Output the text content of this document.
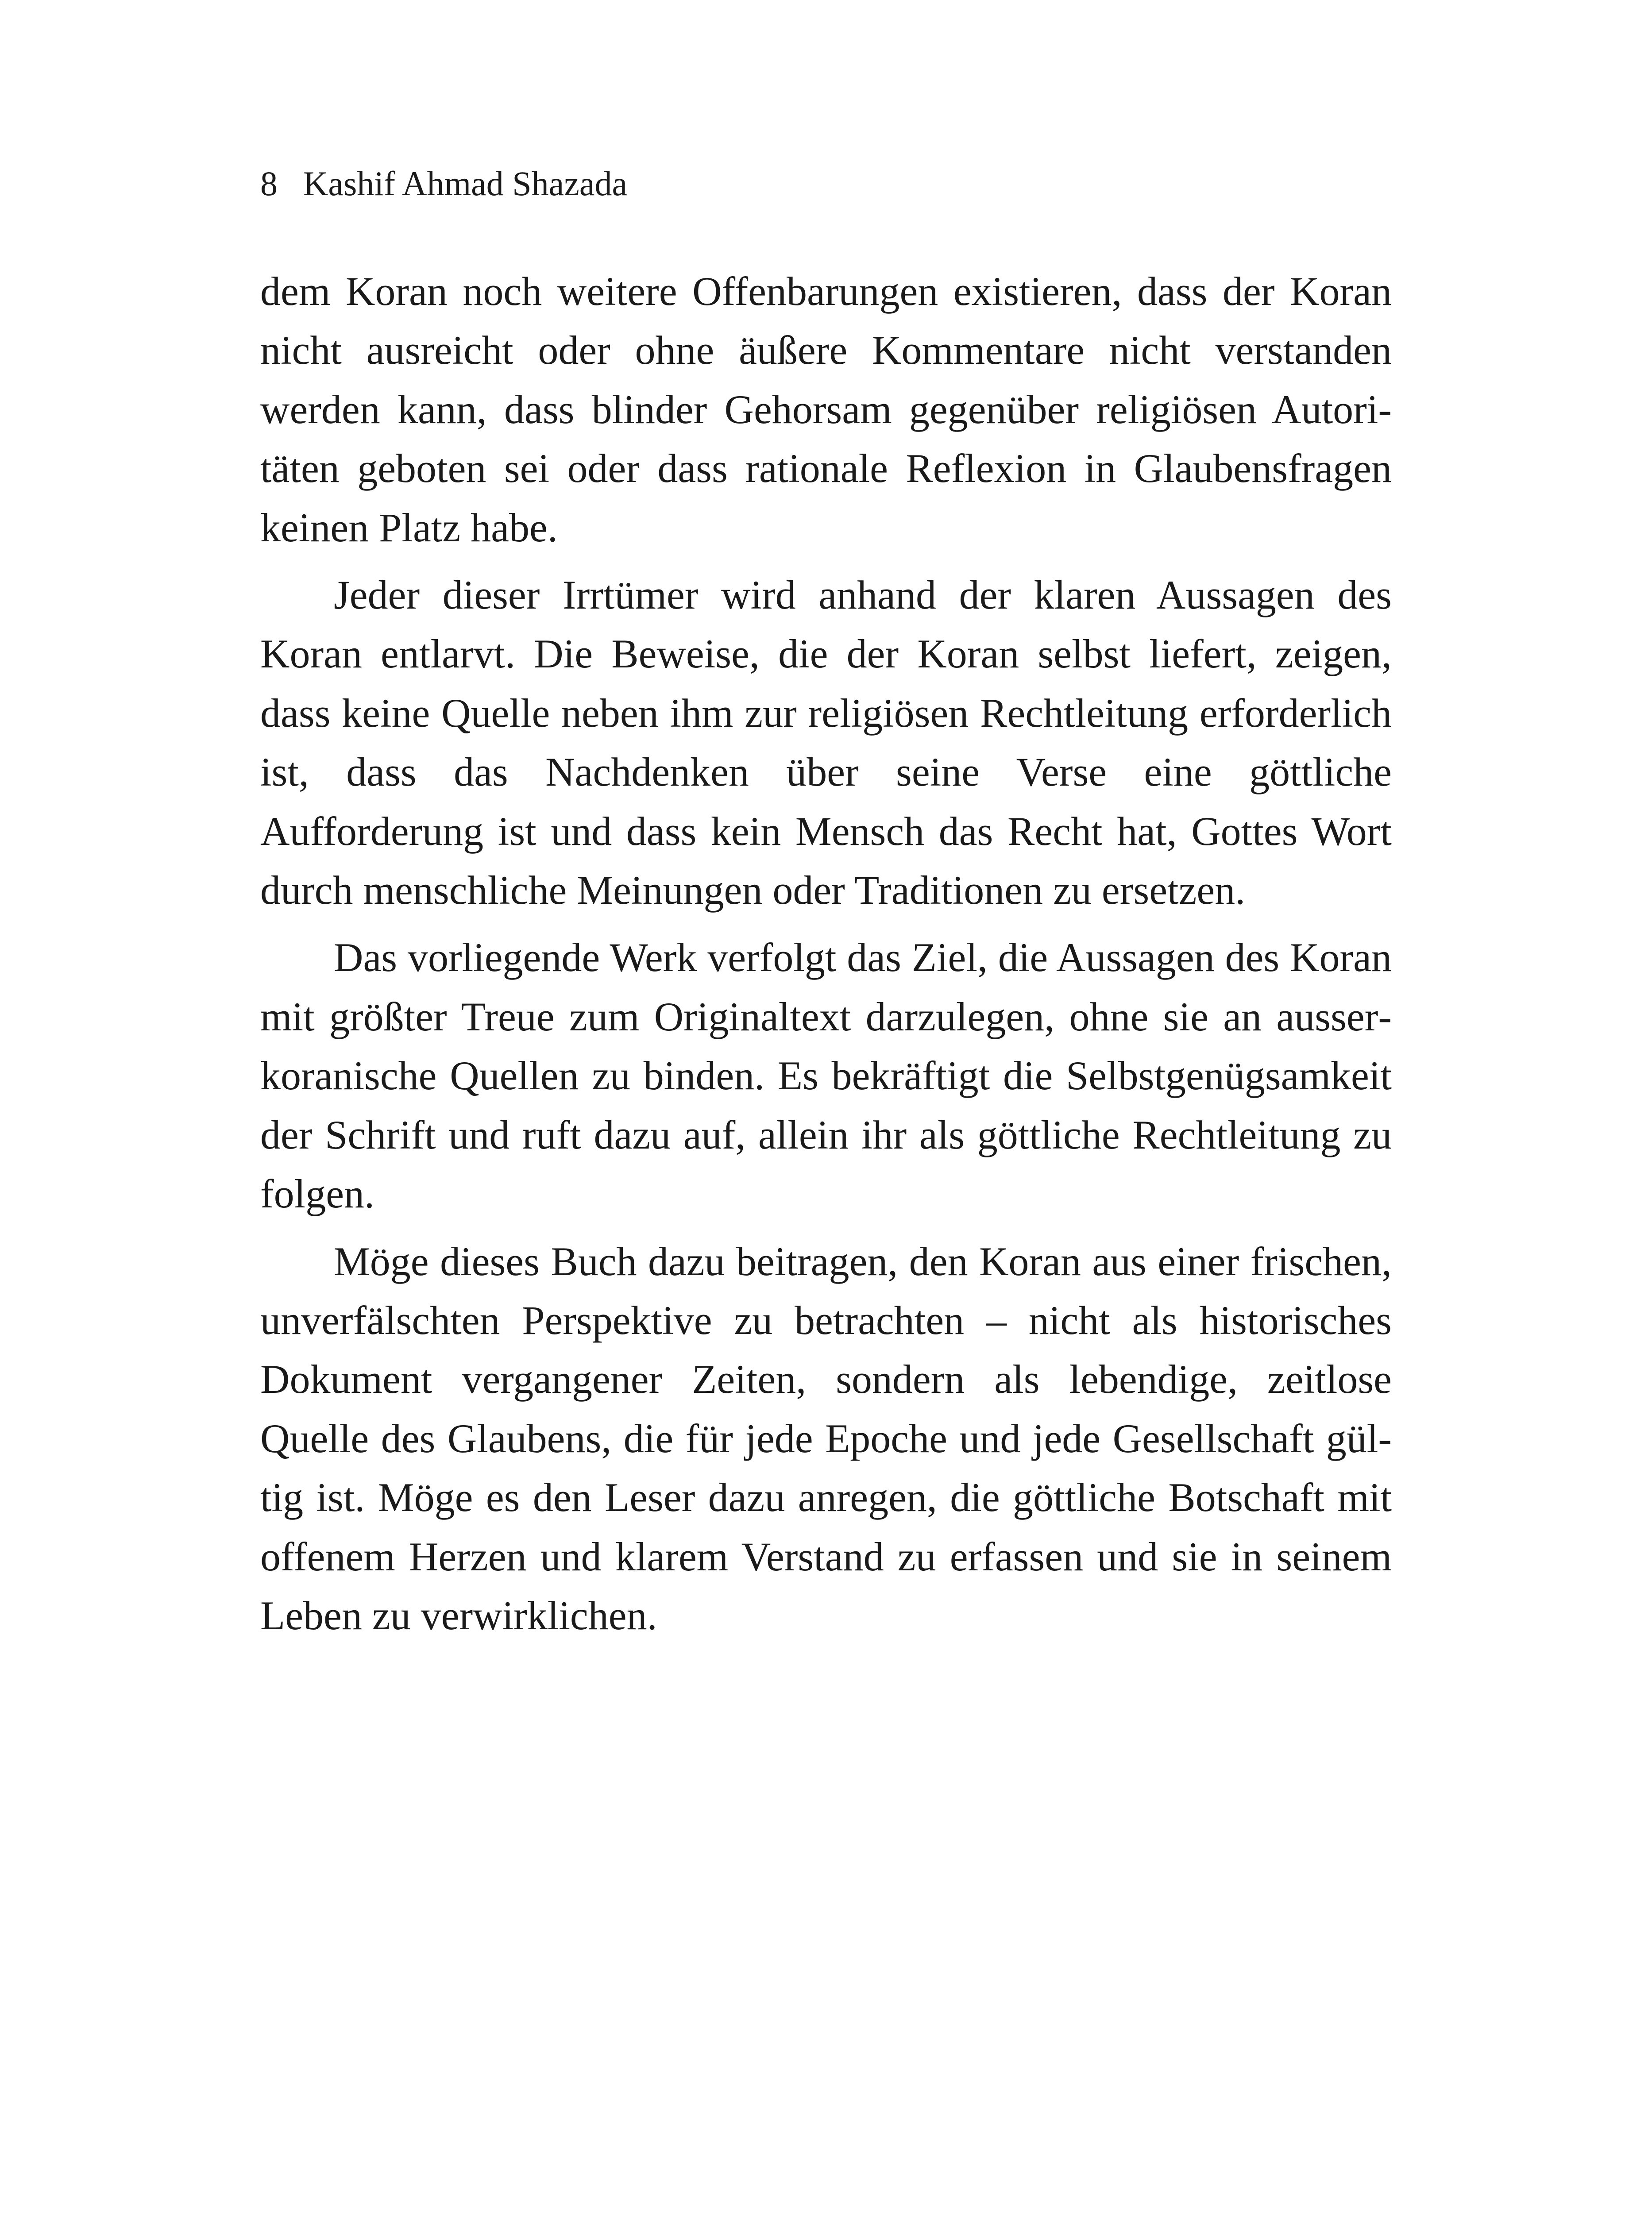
8 Kashif Ahmad Shazada

dem Koran noch weitere Offenbarungen existieren, dass der Koran nicht ausreicht oder ohne äußere Kommentare nicht verstanden werden kann, dass blinder Gehorsam gegenüber religiösen Autoritäten geboten sei oder dass rationale Reflexion in Glaubensfragen keinen Platz habe.

Jeder dieser Irrtümer wird anhand der klaren Aussagen des Koran entlarvt. Die Beweise, die der Koran selbst liefert, zeigen, dass keine Quelle neben ihm zur religiösen Rechtleitung erforderlich ist, dass das Nachdenken über seine Verse eine göttliche Aufforderung ist und dass kein Mensch das Recht hat, Gottes Wort durch menschliche Meinungen oder Traditionen zu ersetzen.

Das vorliegende Werk verfolgt das Ziel, die Aussagen des Koran mit größter Treue zum Originaltext darzulegen, ohne sie an ausserkoranische Quellen zu binden. Es bekräftigt die Selbstgenügsamkeit der Schrift und ruft dazu auf, allein ihr als göttliche Rechtleitung zu folgen.

Möge dieses Buch dazu beitragen, den Koran aus einer frischen, unverfälschten Perspektive zu betrachten – nicht als historisches Dokument vergangener Zeiten, sondern als lebendige, zeitlose Quelle des Glaubens, die für jede Epoche und jede Gesellschaft gültig ist. Möge es den Leser dazu anregen, die göttliche Botschaft mit offenem Herzen und klarem Verstand zu erfassen und sie in seinem Leben zu verwirklichen.
